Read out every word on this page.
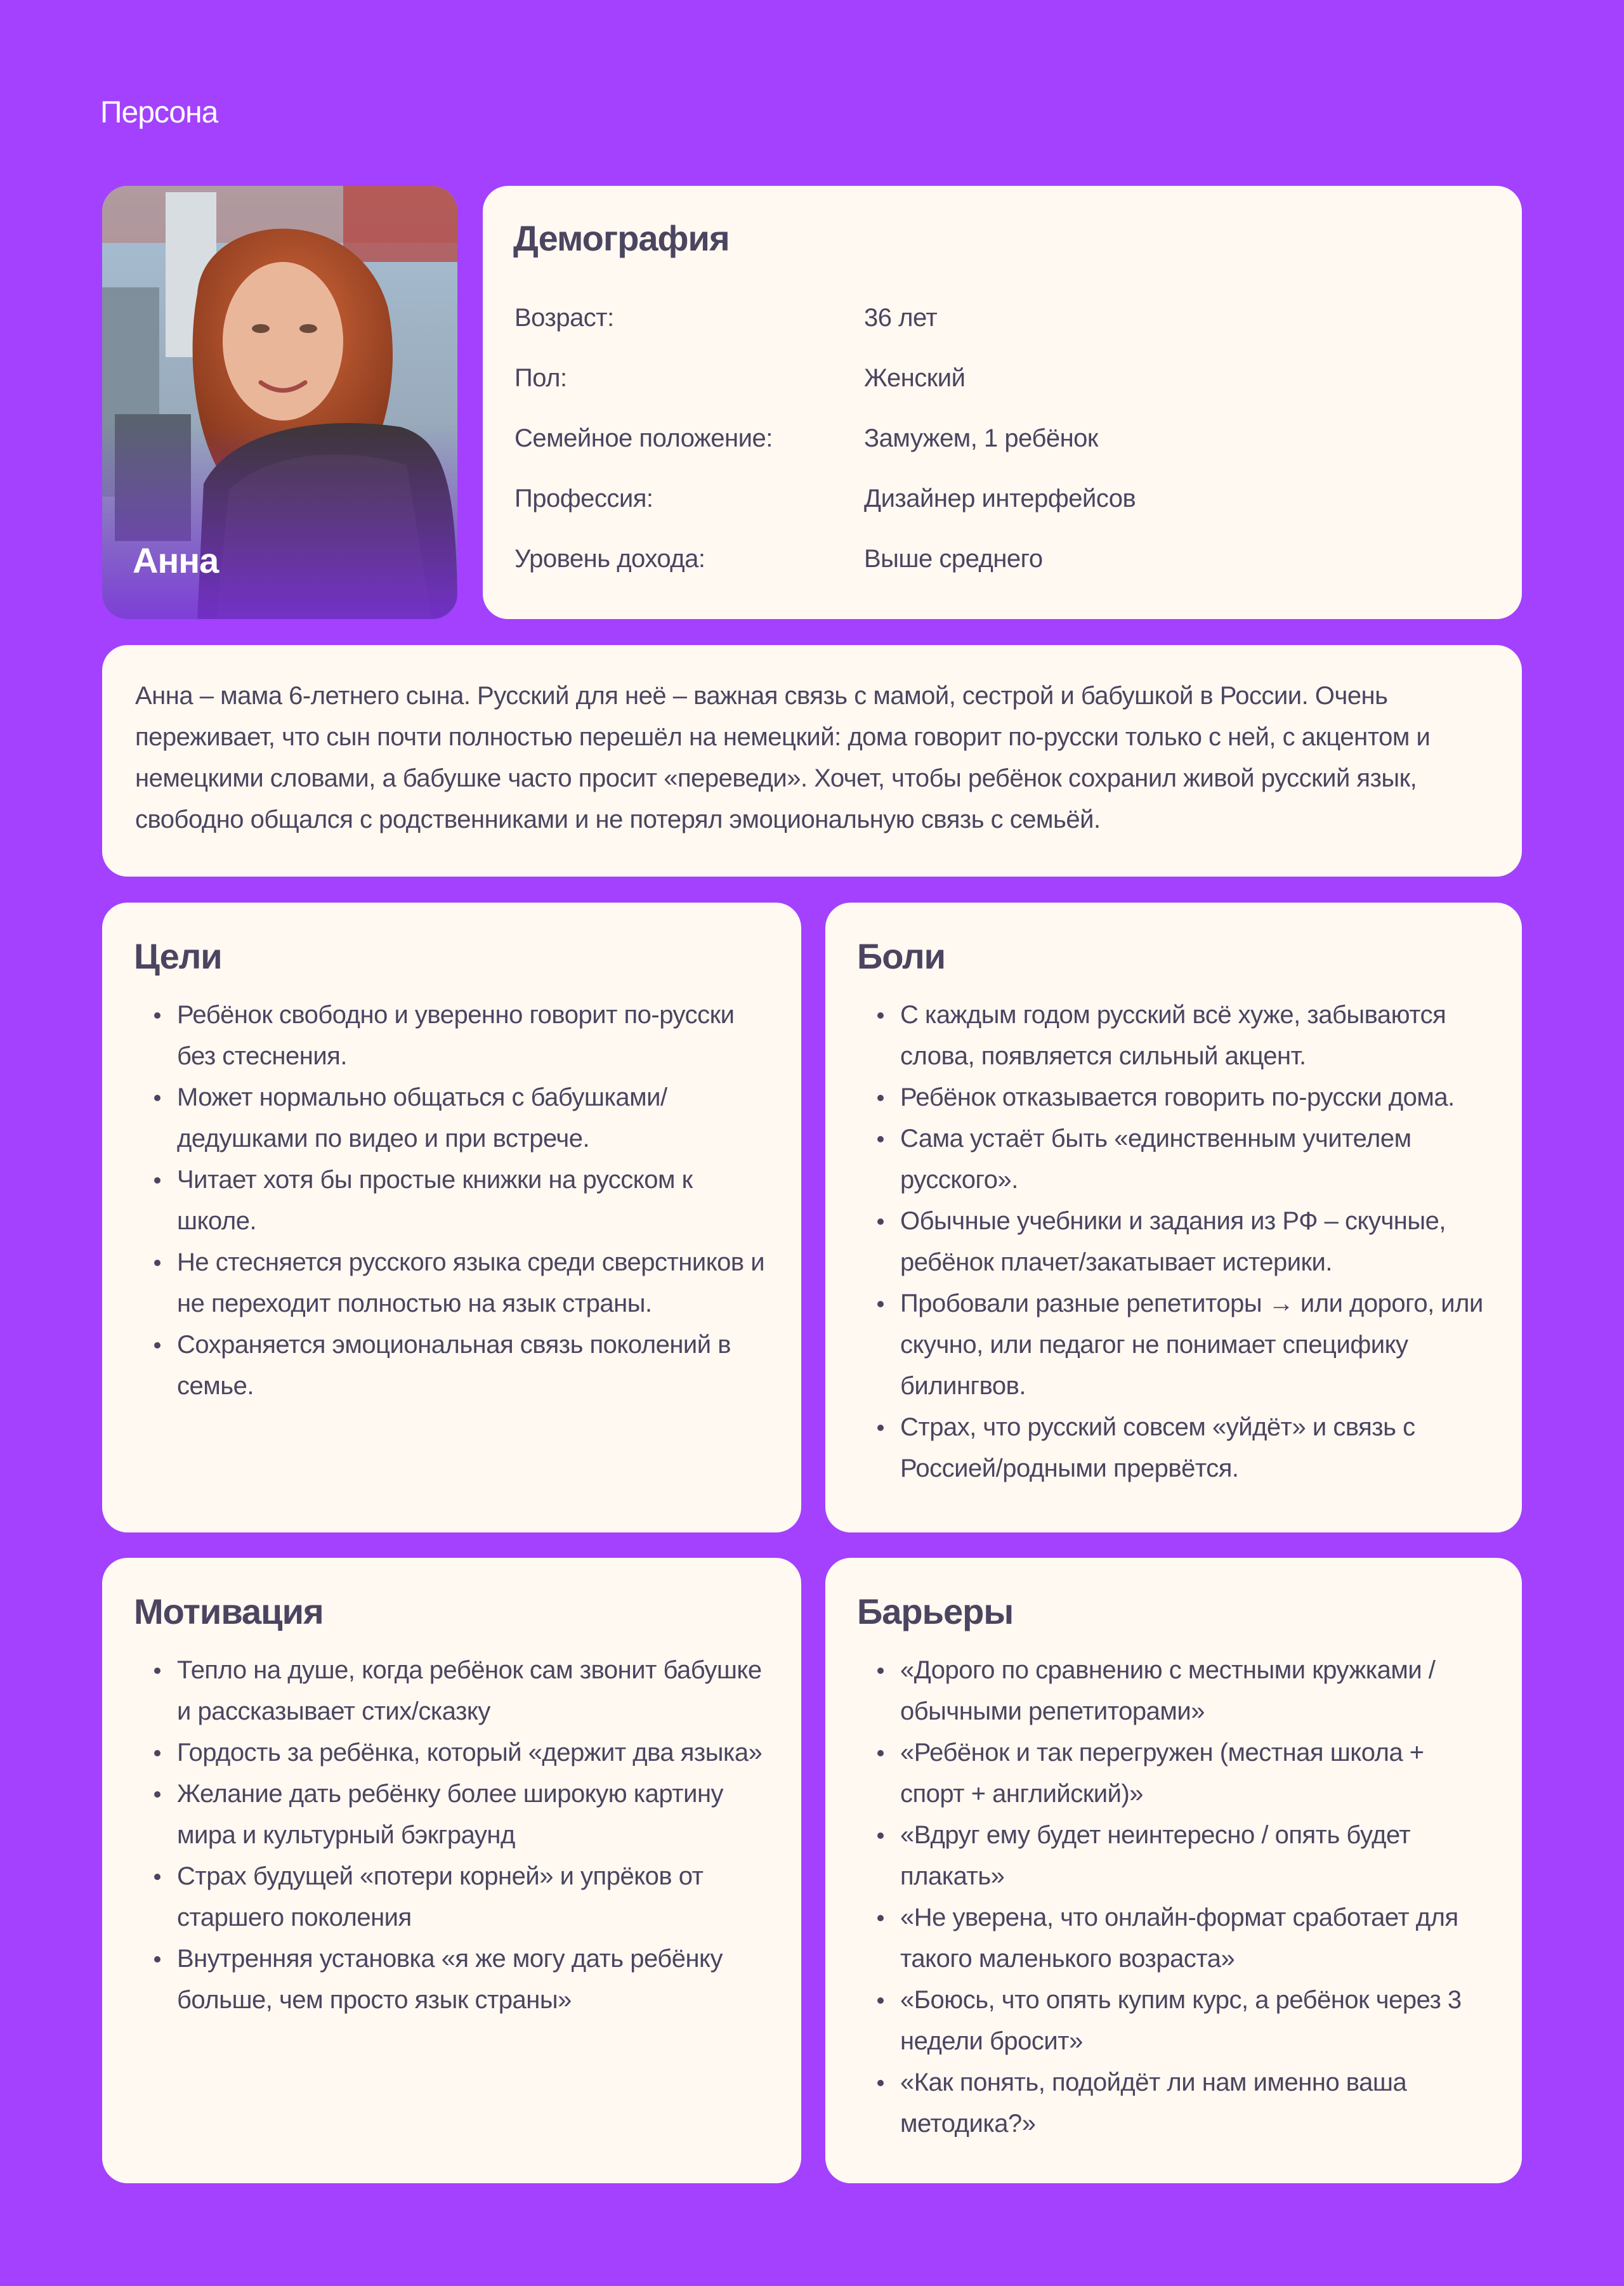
Персона
Анна
Демография
Возраст:	36 лет
Пол:	Женский
Семейное положение:	Замужем, 1 ребёнок
Профессия:	Дизайнер интерфейсов
Уровень дохода:	Выше среднего

Анна – мама 6-летнего сына. Русский для неё – важная связь с мамой, сестрой и бабушкой в России. Очень
переживает, что сын почти полностью перешёл на немецкий: дома говорит по-русски только с ней, с акцентом и
немецкими словами, а бабушке часто просит «переведи». Хочет, чтобы ребёнок сохранил живой русский язык,
свободно общался с родственниками и не потерял эмоциональную связь с семьёй.

Цели
Ребёнок свободно и уверенно говорит по-русски без стеснения.
Может нормально общаться с бабушками/ дедушками по видео и при встрече.
Читает хотя бы простые книжки на русском к школе.
Не стесняется русского языка среди сверстников и не переходит полностью на язык страны.
Сохраняется эмоциональная связь поколений в семье.
Боли
С каждым годом русский всё хуже, забываются слова, появляется сильный акцент.
Ребёнок отказывается говорить по-русски дома.
Сама устаёт быть «единственным учителем русского».
Обычные учебники и задания из РФ – скучные, ребёнок плачет/закатывает истерики.
Пробовали разные репетиторы → или дорого, или скучно, или педагог не понимает специфику билингвов.
Страх, что русский совсем «уйдёт» и связь с Россией/родными прервётся.
Мотивация
Тепло на душе, когда ребёнок сам звонит бабушке и рассказывает стих/сказку
Гордость за ребёнка, который «держит два языка»
Желание дать ребёнку более широкую картину мира и культурный бэкграунд
Страх будущей «потери корней» и упрёков от старшего поколения
Внутренняя установка «я же могу дать ребёнку больше, чем просто язык страны»
Барьеры
«Дорого по сравнению с местными кружками / обычными репетиторами»
«Ребёнок и так перегружен (местная школа + спорт + английский)»
«Вдруг ему будет неинтересно / опять будет плакать»
«Не уверена, что онлайн-формат сработает для такого маленького возраста»
«Боюсь, что опять купим курс, а ребёнок через 3 недели бросит»
«Как понять, подойдёт ли нам именно ваша методика?»
